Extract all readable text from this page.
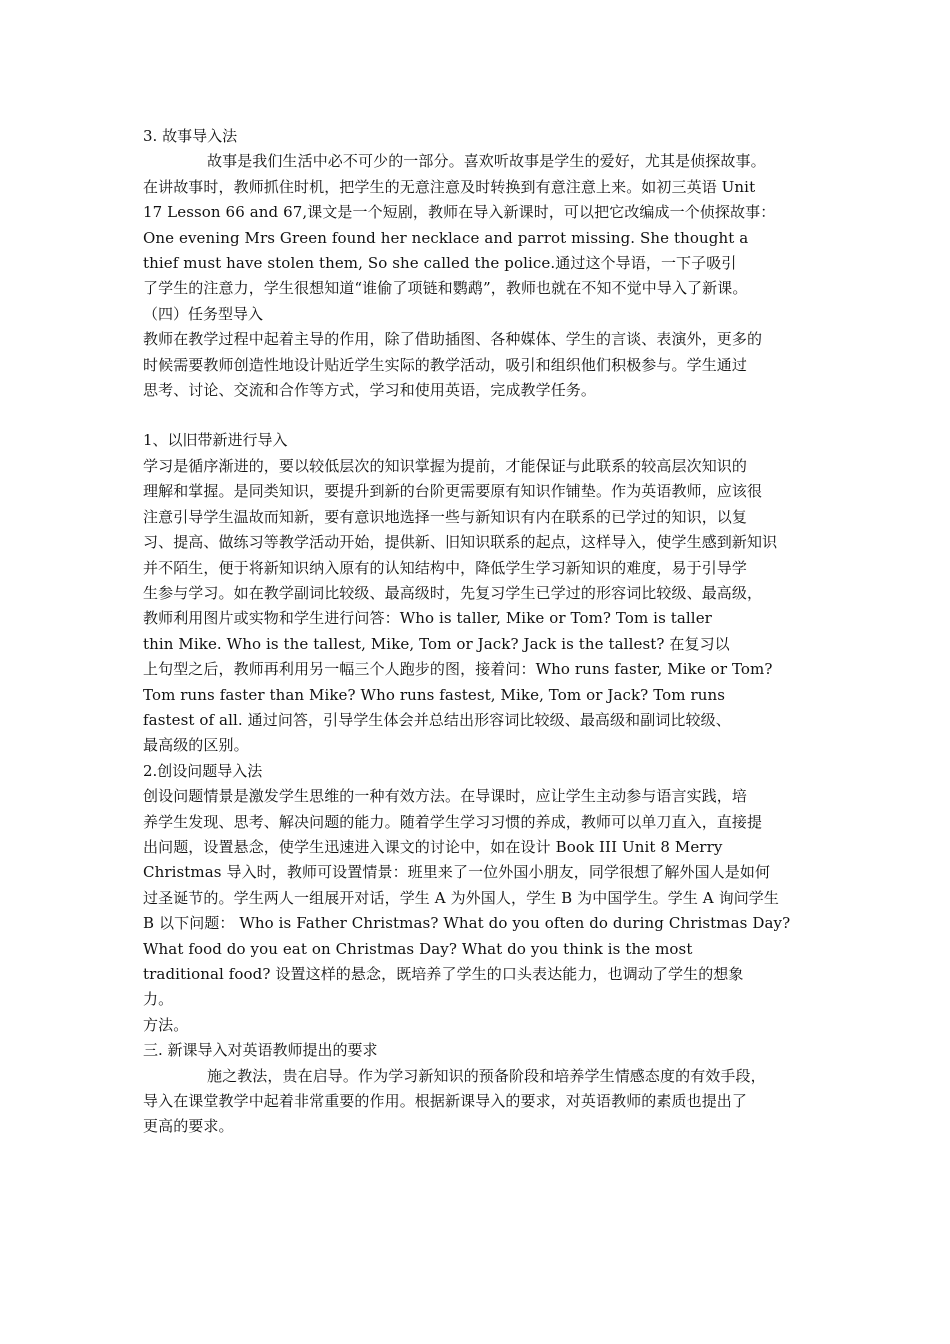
3. 故事导入法
故事是我们生活中必不可少的一部分。喜欢听故事是学生的爱好，尤其是侦探故事。
在讲故事时，教师抓住时机，把学生的无意注意及时转换到有意注意上来。如初三英语 Unit
17 Lesson 66 and 67,课文是一个短剧，教师在导入新课时，可以把它改编成一个侦探故事：
One evening Mrs Green found her necklace and parrot missing. She thought a
thief must have stolen them, So she called the police.通过这个导语，一下子吸引
了学生的注意力，学生很想知道“谁偷了项链和鹦鹉”，教师也就在不知不觉中导入了新课。
（四）任务型导入
教师在教学过程中起着主导的作用，除了借助插图、各种媒体、学生的言谈、表演外，更多的
时候需要教师创造性地设计贴近学生实际的教学活动，吸引和组织他们积极参与。学生通过
思考、讨论、交流和合作等方式，学习和使用英语，完成教学任务。
1、以旧带新进行导入
学习是循序渐进的，要以较低层次的知识掌握为提前，才能保证与此联系的较高层次知识的
理解和掌握。是同类知识，要提升到新的台阶更需要原有知识作铺垫。作为英语教师，应该很
注意引导学生温故而知新，要有意识地选择一些与新知识有内在联系的已学过的知识，以复
习、提高、做练习等教学活动开始，提供新、旧知识联系的起点，这样导入，使学生感到新知识
并不陌生，便于将新知识纳入原有的认知结构中，降低学生学习新知识的难度，易于引导学
生参与学习。如在教学副词比较级、最高级时，先复习学生已学过的形容词比较级、最高级，
教师利用图片或实物和学生进行问答：Who is taller, Mike or Tom? Tom is taller
thin Mike. Who is the tallest, Mike, Tom or Jack? Jack is the tallest? 在复习以
上句型之后，教师再利用另一幅三个人跑步的图，接着问：Who runs faster, Mike or Tom?
Tom runs faster than Mike? Who runs fastest, Mike, Tom or Jack? Tom runs
fastest of all. 通过问答，引导学生体会并总结出形容词比较级、最高级和副词比较级、
最高级的区别。
2.创设问题导入法
创设问题情景是激发学生思维的一种有效方法。在导课时，应让学生主动参与语言实践，培
养学生发现、思考、解决问题的能力。随着学生学习习惯的养成，教师可以单刀直入，直接提
出问题，设置悬念，使学生迅速进入课文的讨论中，如在设计 Book III Unit 8 Merry
Christmas 导入时，教师可设置情景：班里来了一位外国小朋友，同学很想了解外国人是如何
过圣诞节的。学生两人一组展开对话，学生 A 为外国人，学生 B 为中国学生。学生 A 询问学生
B 以下问题： Who is Father Christmas? What do you often do during Christmas Day?
What food do you eat on Christmas Day? What do you think is the most
traditional food? 设置这样的悬念，既培养了学生的口头表达能力，也调动了学生的想象
力。
方法。
三. 新课导入对英语教师提出的要求
施之教法，贵在启导。作为学习新知识的预备阶段和培养学生情感态度的有效手段，
导入在课堂教学中起着非常重要的作用。根据新课导入的要求，对英语教师的素质也提出了
更高的要求。
